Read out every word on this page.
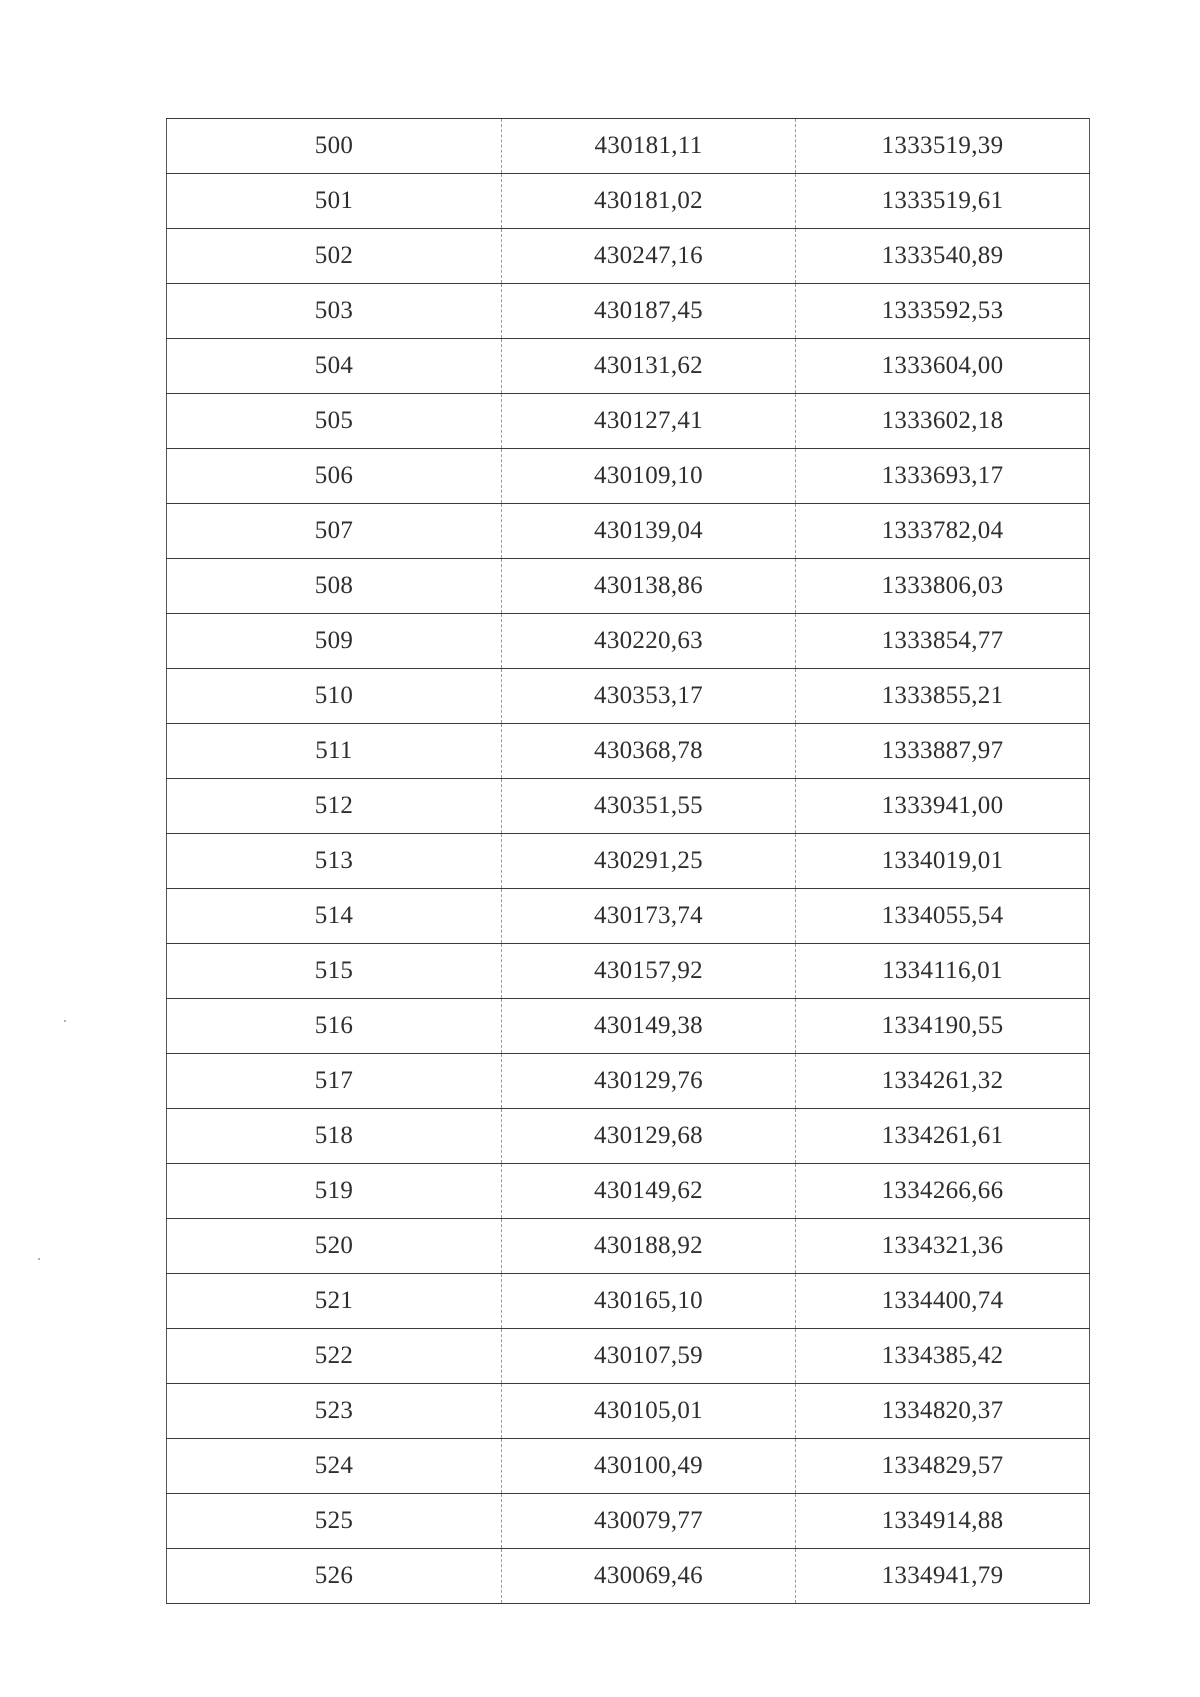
500	430181,11	1333519,39
501	430181,02	1333519,61
502	430247,16	1333540,89
503	430187,45	1333592,53
504	430131,62	1333604,00
505	430127,41	1333602,18
506	430109,10	1333693,17
507	430139,04	1333782,04
508	430138,86	1333806,03
509	430220,63	1333854,77
510	430353,17	1333855,21
511	430368,78	1333887,97
512	430351,55	1333941,00
513	430291,25	1334019,01
514	430173,74	1334055,54
515	430157,92	1334116,01
516	430149,38	1334190,55
517	430129,76	1334261,32
518	430129,68	1334261,61
519	430149,62	1334266,66
520	430188,92	1334321,36
521	430165,10	1334400,74
522	430107,59	1334385,42
523	430105,01	1334820,37
524	430100,49	1334829,57
525	430079,77	1334914,88
526	430069,46	1334941,79
